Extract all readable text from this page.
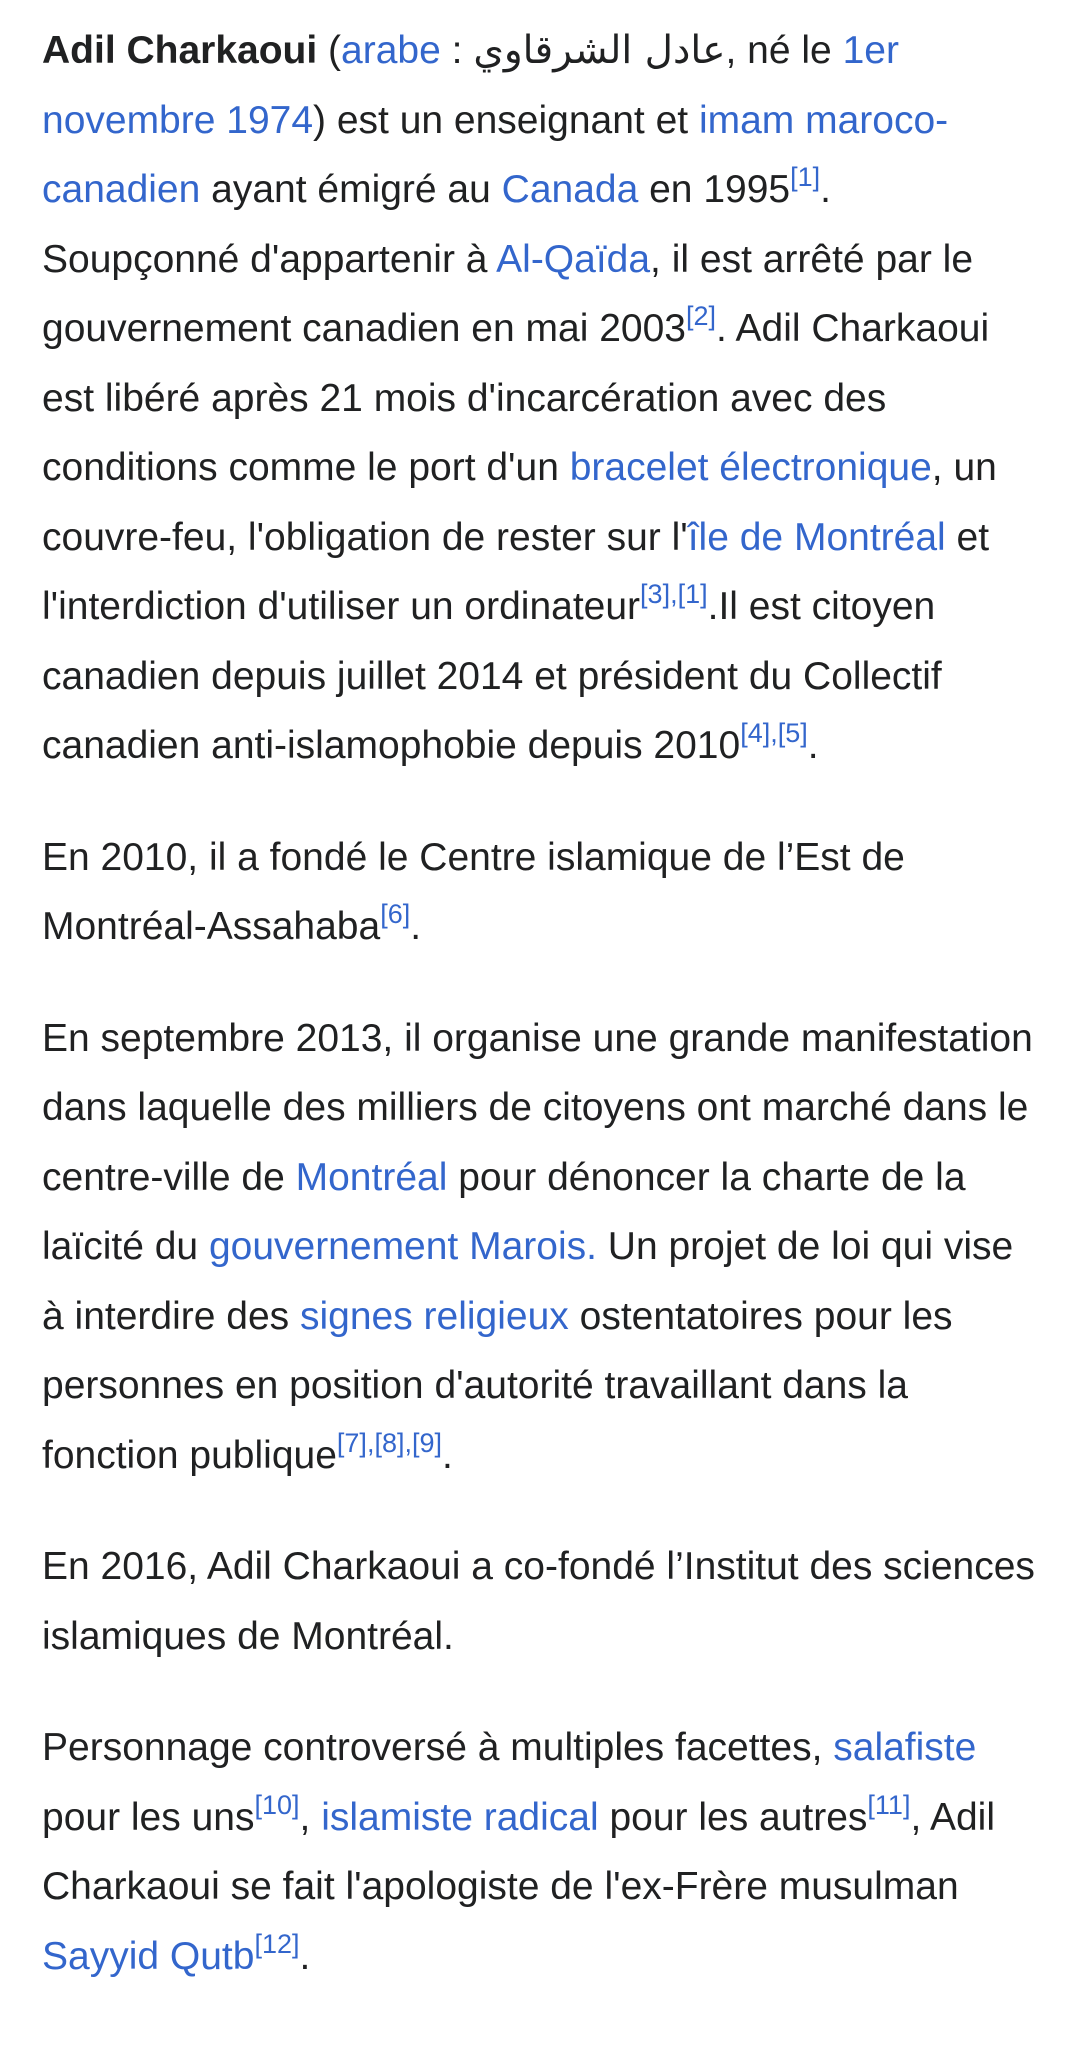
Adil Charkaoui (arabe : عادل الشرقاوي, né le 1er novembre 1974) est un enseignant et imam maroco-canadien ayant émigré au Canada en 1995[1]. Soupçonné d'appartenir à Al-Qaïda, il est arrêté par le gouvernement canadien en mai 2003[2]. Adil Charkaoui est libéré après 21 mois d'incarcération avec des conditions comme le port d'un bracelet électronique, un couvre-feu, l'obligation de rester sur l'île de Montréal et l'interdiction d'utiliser un ordinateur[3],[1].Il est citoyen canadien depuis juillet 2014 et président du Collectif canadien anti-islamophobie depuis 2010[4],[5].

En 2010, il a fondé le Centre islamique de l’Est de Montréal-Assahaba[6].

En septembre 2013, il organise une grande manifestation dans laquelle des milliers de citoyens ont marché dans le centre-ville de Montréal pour dénoncer la charte de la laïcité du gouvernement Marois. Un projet de loi qui vise à interdire des signes religieux ostentatoires pour les personnes en position d'autorité travaillant dans la fonction publique[7],[8],[9].

En 2016, Adil Charkaoui a co-fondé l’Institut des sciences islamiques de Montréal.

Personnage controversé à multiples facettes, salafiste pour les uns[10], islamiste radical pour les autres[11], Adil Charkaoui se fait l'apologiste de l'ex-Frère musulman Sayyid Qutb[12].
